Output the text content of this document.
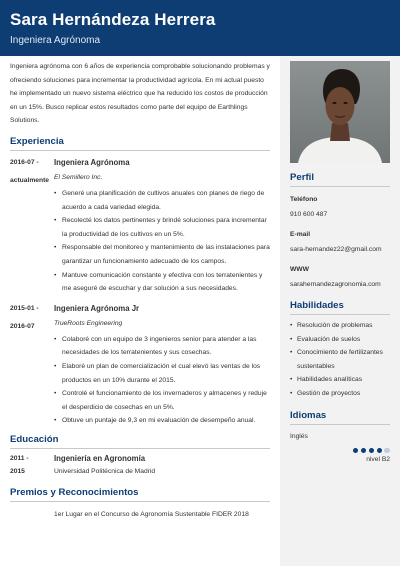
Sara Hernándeza Herrera
Ingeniera Agrónoma

Ingeniera agrónoma con 6 años de experiencia comprobable solucionando problemas y ofreciendo soluciones para incrementar la productividad agrícola. En mi actual puesto he implementado un nuevo sistema eléctrico que ha reducido los costos de producción en un 15%. Busco replicar estos resultados como parte del equipo de Earthlings Solutions.

Experiencia
2016-07 -
actualmente
Ingeniera Agrónoma
El Semillero Inc.
• Generé una planificación de cultivos anuales con planes de riego de acuerdo a cada variedad elegida.
• Recolecté los datos pertinentes y brindé soluciones para incrementar la productividad de los cultivos en un 5%.
• Responsable del monitoreo y mantenimiento de las instalaciones para garantizar un funcionamiento adecuado de los campos.
• Mantuve comunicación constante y efectiva con los terratenientes y me aseguré de escuchar y dar solución a sus necesidades.
2015-01 -
2016-07
Ingeniera Agrónoma Jr
TrueRoots Engineering
• Colaboré con un equipo de 3 ingenieros senior para atender a las necesidades de los terratenientes y sus cosechas.
• Elaboré un plan de comercialización el cual elevó las ventas de los productos en un 10% durante el 2015.
• Controlé el funcionamiento de los invernaderos y almacenes y reduje el desperdicio de cosechas en un 5%.
• Obtuve un puntaje de 9,3 en mi evaluación de desempeño anual.
Educación
2011 -
2015
Ingeniería en Agronomía
Universidad Politécnica de Madrid
Premios y Reconocimientos
1er Lugar en el Concurso de Agronomía Sustentable FIDER 2018
Perfil
Teléfono
910 600 487
E-mail
sara-hernandez22@gmail.com
WWW
sarahernandezagronomia.com
Habilidades
• Resolución de problemas
• Evaluación de suelos
• Conocimiento de fertilizantes sustentables
• Habilidades analíticas
• Gestión de proyectos
Idiomas
Inglés
nivel B2
